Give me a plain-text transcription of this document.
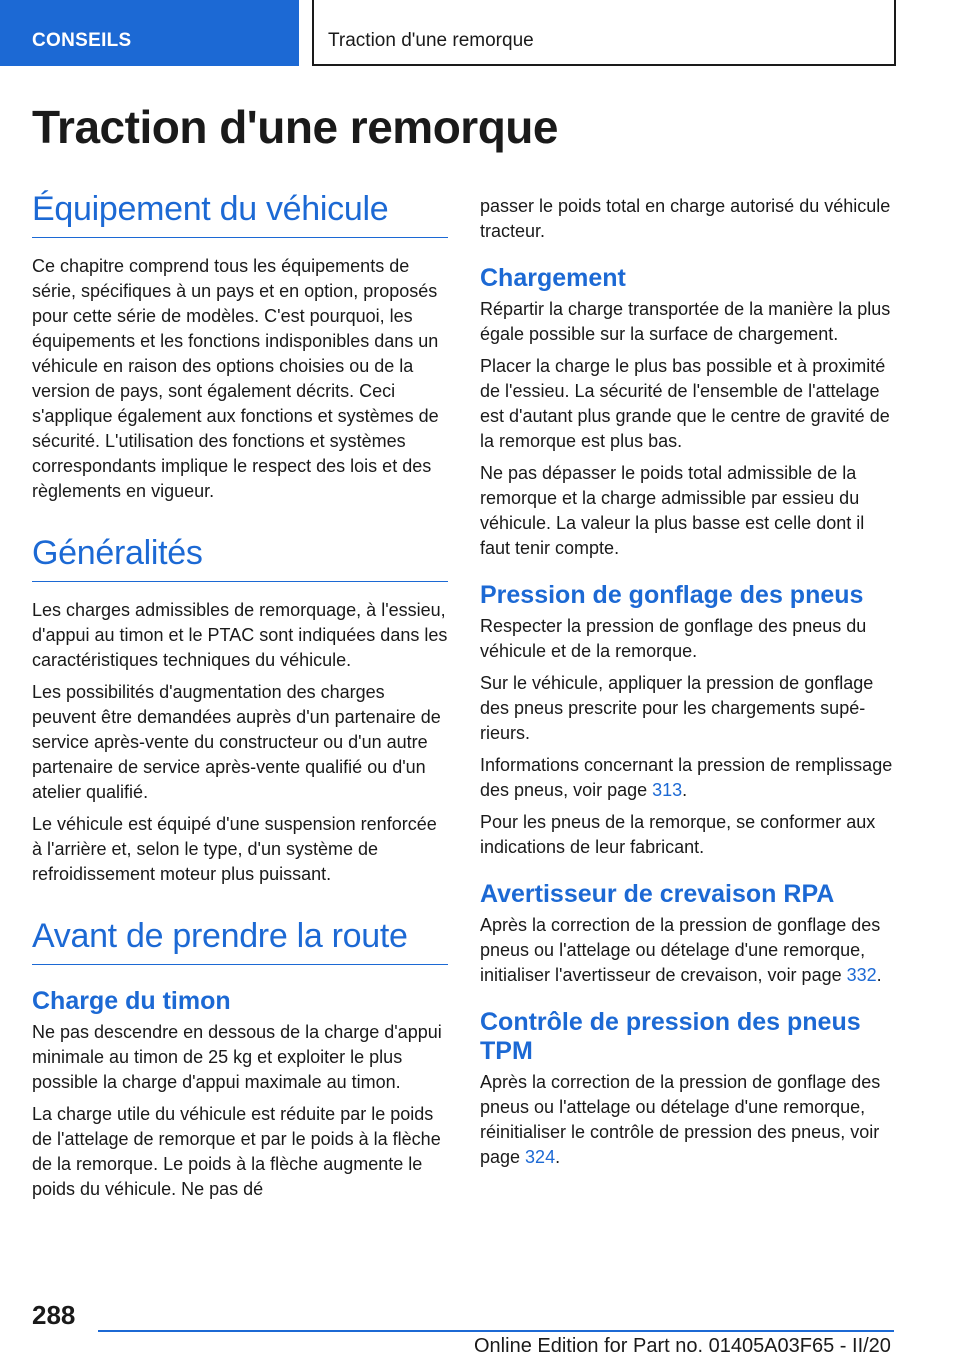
CONSEILS	Traction d'une remorque
Traction d'une remorque
Équipement du véhicule

Ce chapitre comprend tous les équipements de série, spécifiques à un pays et en option, proposés pour cette série de modèles. C'est pourquoi, les équipements et les fonctions indisponibles dans un véhicule en raison des options choisies ou de la version de pays, sont également décrits. Ceci s'applique également aux fonctions et systèmes de sécurité. L'utilisation des fonctions et systèmes correspondants implique le respect des lois et des règlements en vigueur.

Généralités

Les charges admissibles de remorquage, à l'essieu, d'appui au timon et le PTAC sont indiquées dans les caractéristiques techniques du véhicule.

Les possibilités d'augmentation des charges peuvent être demandées auprès d'un partenaire de service après-vente du constructeur ou d'un autre partenaire de service après-vente qualifié ou d'un atelier qualifié.

Le véhicule est équipé d'une suspension renforcée à l'arrière et, selon le type, d'un système de refroidissement moteur plus puissant.

Avant de prendre la route
Charge du timon

Ne pas descendre en dessous de la charge d'appui minimale au timon de 25 kg et exploiter le plus possible la charge d'appui maximale au timon.

La charge utile du véhicule est réduite par le poids de l'attelage de remorque et par le poids à la flèche de la remorque. Le poids à la flèche augmente le poids du véhicule. Ne pas dé

passer le poids total en charge autorisé du véhicule tracteur.

Chargement

Répartir la charge transportée de la manière la plus égale possible sur la surface de chargement.

Placer la charge le plus bas possible et à proximité de l'essieu. La sécurité de l'ensemble de l'attelage est d'autant plus grande que le centre de gravité de la remorque est plus bas.

Ne pas dépasser le poids total admissible de la remorque et la charge admissible par essieu du véhicule. La valeur la plus basse est celle dont il faut tenir compte.

Pression de gonflage des pneus

Respecter la pression de gonflage des pneus du véhicule et de la remorque.

Sur le véhicule, appliquer la pression de gonflage des pneus prescrite pour les chargements supérieurs.

Informations concernant la pression de remplissage des pneus, voir page 313.

Pour les pneus de la remorque, se conformer aux indications de leur fabricant.

Avertisseur de crevaison RPA

Après la correction de la pression de gonflage des pneus ou l'attelage ou dételage d'une remorque, initialiser l'avertisseur de crevaison, voir page 332.

Contrôle de pression des pneus TPM

Après la correction de la pression de gonflage des pneus ou l'attelage ou dételage d'une remorque, réinitialiser le contrôle de pression des pneus, voir page 324.

288
Online Edition for Part no. 01405A03F65 - II/20
